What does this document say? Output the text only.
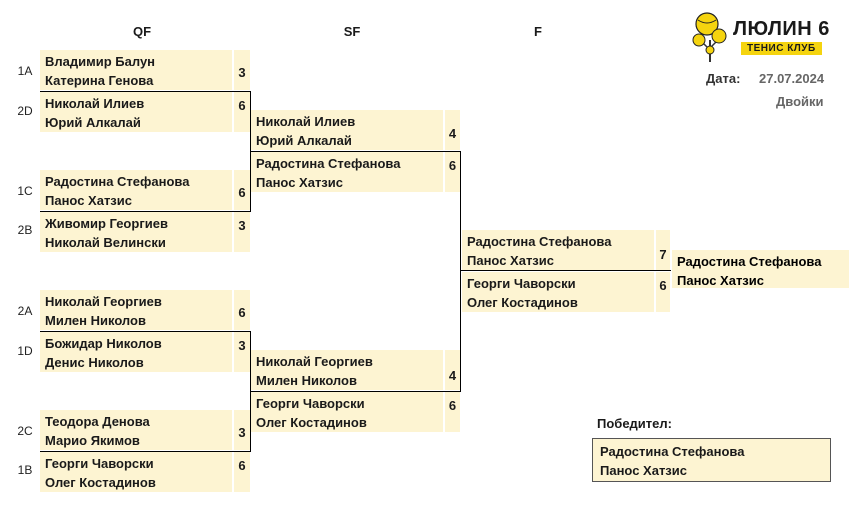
QF	SF	F	ЛЮЛИН 6
ТЕНИС КЛУБ
Дата: 27.07.2024
Двойки
1A
2D
1C
2B
2A
1D
2C
1B
Владимир Балун
Катерина Генова
3
Николай Илиев
Юрий Алкалай
6
Радостина Стефанова
Панос Хатзис
6
Живомир Георгиев
Николай Велински
3
Николай Георгиев
Милен Николов
6
Божидар Николов
Денис Николов
3
Теодора Денова
Марио Якимов
3
Георги Чаворски
Олег Костадинов
6
Николай Илиев
Юрий Алкалай	4
Радостина Стефанова
Панос Хатзис
6
Николай Георгиев
Милен Николов	4
Георги Чаворски
Олег Костадинов
6
Радостина Стефанова
Панос Хатзис	7
Георги Чаворски
Олег Костадинов
6
Радостина Стефанова
Панос Хатзис
Победител:
Радостина Стефанова
Панос Хатзис
